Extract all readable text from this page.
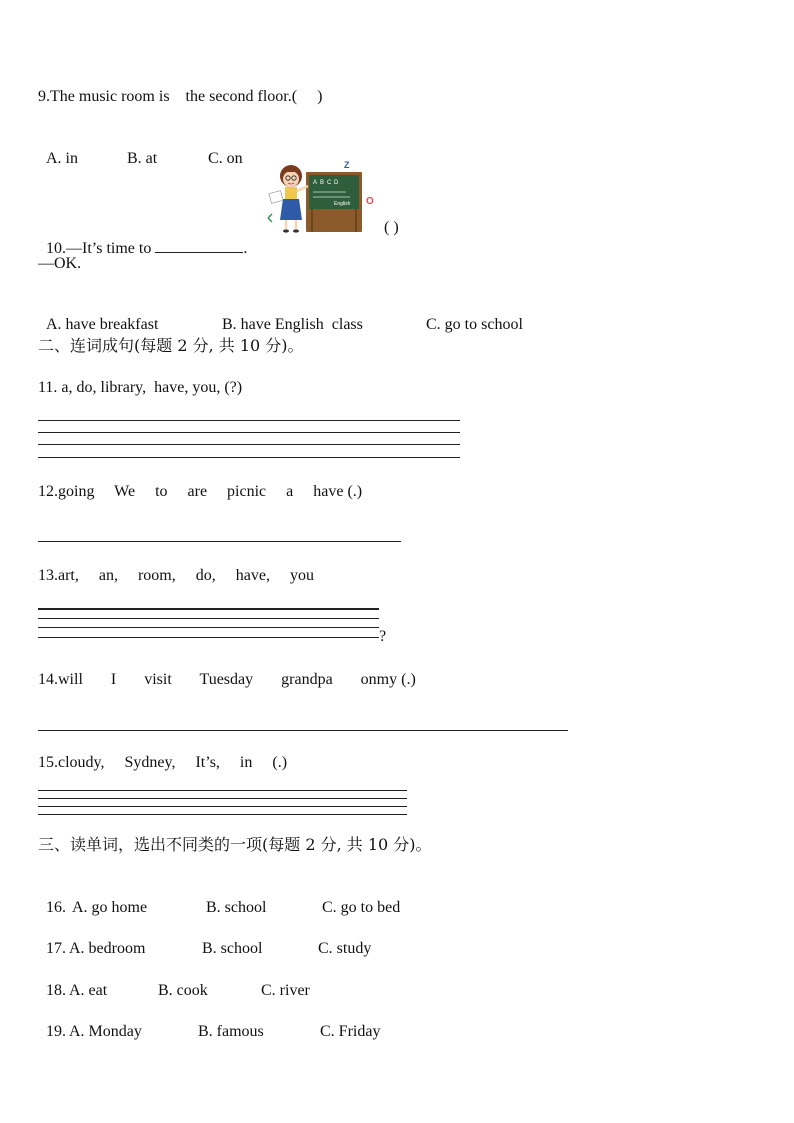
9.The music room is    the second floor.(     )

A. in	B. at	C. on	Z
O
A B C D
English

10.—It’s time to	.

( )
—OK.

A. have breakfast	B. have English  class	C. go to school

二、连词成句(每题 2 分, 共 10 分)。
11. a, do, library,  have, you, (?)
12.going     We     to     are     picnic     a     have (.)
13.art,     an,     room,     do,     have,     you
?
14.will       I       visit       Tuesday       grandpa       onmy (.)
15.cloudy,     Sydney,     It’s,     in     (.)
三、读单词，选出不同类的一项(每题 2 分, 共 10 分)。

16. A. go home	B. school	C. go to bed

17. A. bedroom	B. school	C. study

18. A. eat	B. cook	C. river

19. A. Monday	B. famous	C. Friday
